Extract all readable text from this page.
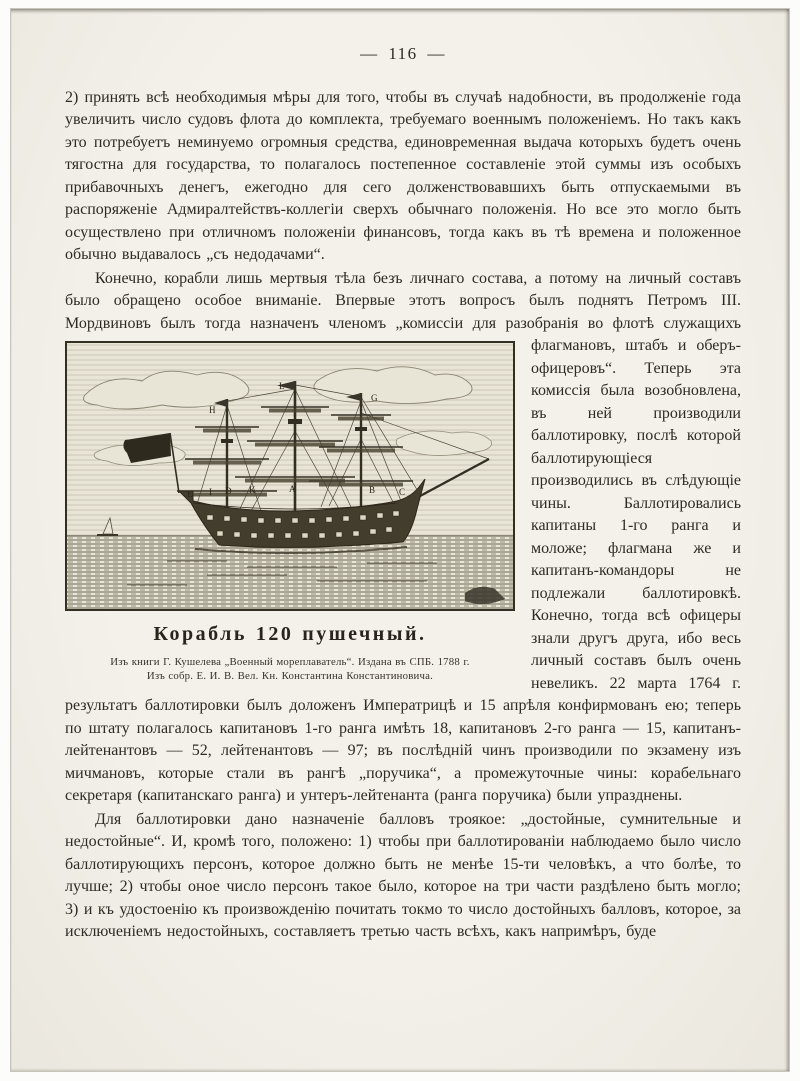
— 116 —
2) принять всѣ необходимыя мѣры для того, чтобы въ случаѣ надобности, въ продолженіе года увеличить число судовъ флота до комплекта, требуемаго военнымъ положеніемъ. Но такъ какъ это потребуетъ неминуемо огромныя средства, единовременная выдача которыхъ будетъ очень тягостна для государства, то полагалось постепенное составленіе этой суммы изъ особыхъ прибавочныхъ денегъ, ежегодно для сего долженствовавшихъ быть отпускаемыми въ распоряженіе Адмиралтействъ-коллегіи сверхъ обычнаго положенія. Но все это могло быть осуществлено при отличномъ положеніи финансовъ, тогда какъ въ тѣ времена и положенное обычно выдавалось „съ недодачами“.
Конечно, корабли лишь мертвыя тѣла безъ личнаго состава, а потому на личный составъ было обращено особое вниманіе. Впервые этотъ вопросъ былъ поднятъ Петромъ III. Мордвиновъ былъ тогда назначенъ членомъ „комиссіи
Н
L
G
E I D K	A	B	C
Корабль 120 пушечный.
Изъ книги Г. Кушелева „Военный мореплаватель“. Издана въ СПБ. 1788 г.
Изъ собр. Е. И. В. Вел. Кн. Константина Константиновича.
для разобранія во флотѣ служащихъ флагмановъ, штабъ и оберъ-офицеровъ“. Теперь эта комиссія была возобновлена, въ ней производили баллотировку, послѣ которой баллотирующіеся производились въ слѣдующіе чины. Баллотировались капитаны 1-го ранга и моложе; флагмана же и капитанъ-командоры не подлежали баллотировкѣ. Конечно, тогда всѣ офицеры знали другъ друга, ибо весь личный составъ былъ очень невеликъ. 22 марта 1764 г. результатъ баллотировки былъ доложенъ Императрицѣ и 15 апрѣля конфирмованъ ею; теперь по штату полагалось капитановъ 1-го ранга имѣть 18, капитановъ 2-го ранга — 15, капитанъ-лейтенантовъ — 52, лейтенантовъ — 97; въ послѣдній чинъ производили по экзамену изъ мичмановъ, которые стали въ рангѣ „поручика“, а промежуточные чины: корабельнаго секретаря (капитанскаго ранга) и унтеръ-лейтенанта (ранга поручика) были упразднены.
Для баллотировки дано назначеніе балловъ троякое: „достойные, сумнительные и недостойные“. И, кромѣ того, положено: 1) чтобы при баллотированіи наблюдаемо было число баллотирующихъ персонъ, которое должно быть не менѣе 15-ти человѣкъ, а что болѣе, то лучше; 2) чтобы оное число персонъ такое было, которое на три части раздѣлено быть могло; 3) и къ удостоенію къ произвожденію почитать токмо то число достойныхъ балловъ, которое, за исключеніемъ недостойныхъ, составляетъ третью часть всѣхъ, какъ напримѣръ, буде
